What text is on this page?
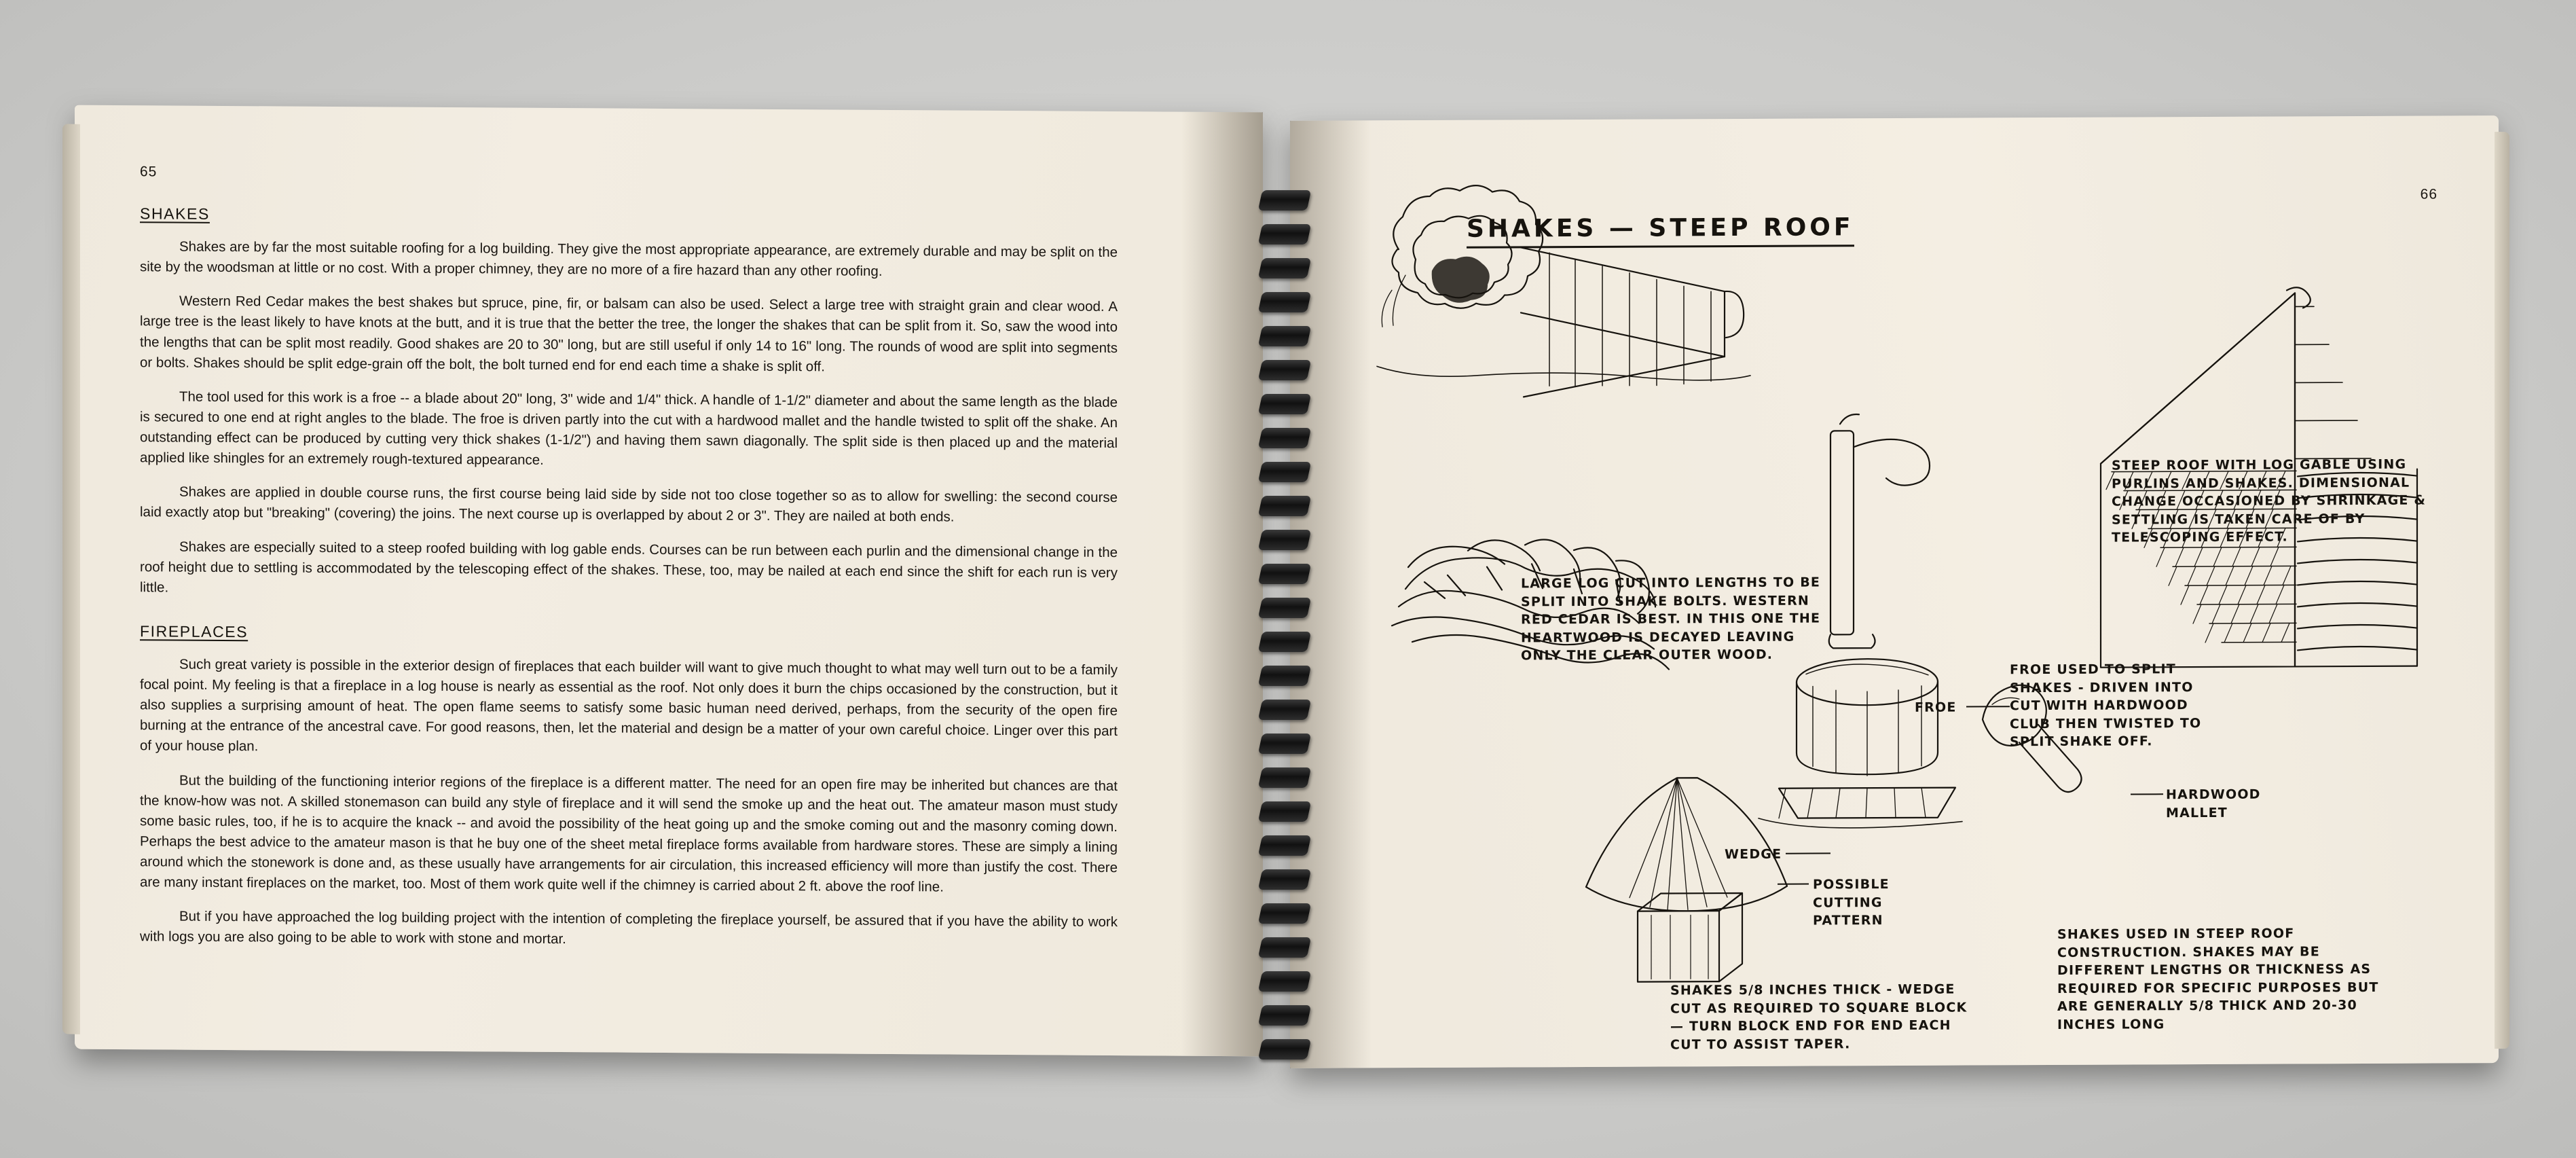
65
SHAKES

Shakes are by far the most suitable roofing for a log building. They give the most appropriate appearance, are extremely durable and may be split on the site by the woodsman at little or no cost. With a proper chimney, they are no more of a fire hazard than any other roofing.

Western Red Cedar makes the best shakes but spruce, pine, fir, or balsam can also be used. Select a large tree with straight grain and clear wood. A large tree is the least likely to have knots at the butt, and it is true that the better the tree, the longer the shakes that can be split from it. So, saw the wood into the lengths that can be split most readily. Good shakes are 20 to 30" long, but are still useful if only 14 to 16" long. The rounds of wood are split into segments or bolts. Shakes should be split edge-grain off the bolt, the bolt turned end for end each time a shake is split off.

The tool used for this work is a froe -- a blade about 20" long, 3" wide and 1/4" thick. A handle of 1-1/2" diameter and about the same length as the blade is secured to one end at right angles to the blade. The froe is driven partly into the cut with a hardwood mallet and the handle twisted to split off the shake. An outstanding effect can be produced by cutting very thick shakes (1-1/2") and having them sawn diagonally. The split side is then placed up and the material applied like shingles for an extremely rough-textured appearance.

Shakes are applied in double course runs, the first course being laid side by side not too close together so as to allow for swelling: the second course laid exactly atop but "breaking" (covering) the joins. The next course up is overlapped by about 2 or 3". They are nailed at both ends.

Shakes are especially suited to a steep roofed building with log gable ends. Courses can be run between each purlin and the dimensional change in the roof height due to settling is accommodated by the telescoping effect of the shakes. These, too, may be nailed at each end since the shift for each run is very little.

FIREPLACES

Such great variety is possible in the exterior design of fireplaces that each builder will want to give much thought to what may well turn out to be a family focal point. My feeling is that a fireplace in a log house is nearly as essential as the roof. Not only does it burn the chips occasioned by the construction, but it also supplies a surprising amount of heat. The open flame seems to satisfy some basic human need derived, perhaps, from the security of the open fire burning at the entrance of the ancestral cave. For good reasons, then, let the material and design be a matter of your own careful choice. Linger over this part of your house plan.

But the building of the functioning interior regions of the fireplace is a different matter. The need for an open fire may be inherited but chances are that the know-how was not. A skilled stonemason can build any style of fireplace and it will send the smoke up and the heat out. The amateur mason must study some basic rules, too, if he is to acquire the knack -- and avoid the possibility of the heat going up and the smoke coming out and the masonry coming down. Perhaps the best advice to the amateur mason is that he buy one of the sheet metal fireplace forms available from hardware stores. These are simply a lining around which the stonework is done and, as these usually have arrangements for air circulation, this increased efficiency will more than justify the cost. There are many instant fireplaces on the market, too. Most of them work quite well if the chimney is carried about 2 ft. above the roof line.

But if you have approached the log building project with the intention of completing the fireplace yourself, be assured that if you have the ability to work with logs you are also going to be able to work with stone and mortar.

66
SHAKES — STEEP ROOF
LARGE LOG CUT INTO LENGTHS TO BE SPLIT INTO SHAKE BOLTS. WESTERN RED CEDAR IS BEST. IN THIS ONE THE HEARTWOOD IS DECAYED LEAVING ONLY THE CLEAR OUTER WOOD.
STEEP ROOF WITH LOG GABLE USING PURLINS AND SHAKES. DIMENSIONAL CHANGE OCCASIONED BY SHRINKAGE & SETTLING IS TAKEN CARE OF BY TELESCOPING EFFECT.
FROE USED TO SPLIT SHAKES - DRIVEN INTO CUT WITH HARDWOOD CLUB THEN TWISTED TO SPLIT SHAKE OFF.
SHAKES 5/8 INCHES THICK - WEDGE CUT AS REQUIRED TO SQUARE BLOCK — TURN BLOCK END FOR END EACH CUT TO ASSIST TAPER.
SHAKES USED IN STEEP ROOF CONSTRUCTION. SHAKES MAY BE DIFFERENT LENGTHS OR THICKNESS AS REQUIRED FOR SPECIFIC PURPOSES BUT ARE GENERALLY 5/8 THICK AND 20-30 INCHES LONG
FROE
WEDGE
HARDWOOD MALLET
POSSIBLE CUTTING PATTERN
